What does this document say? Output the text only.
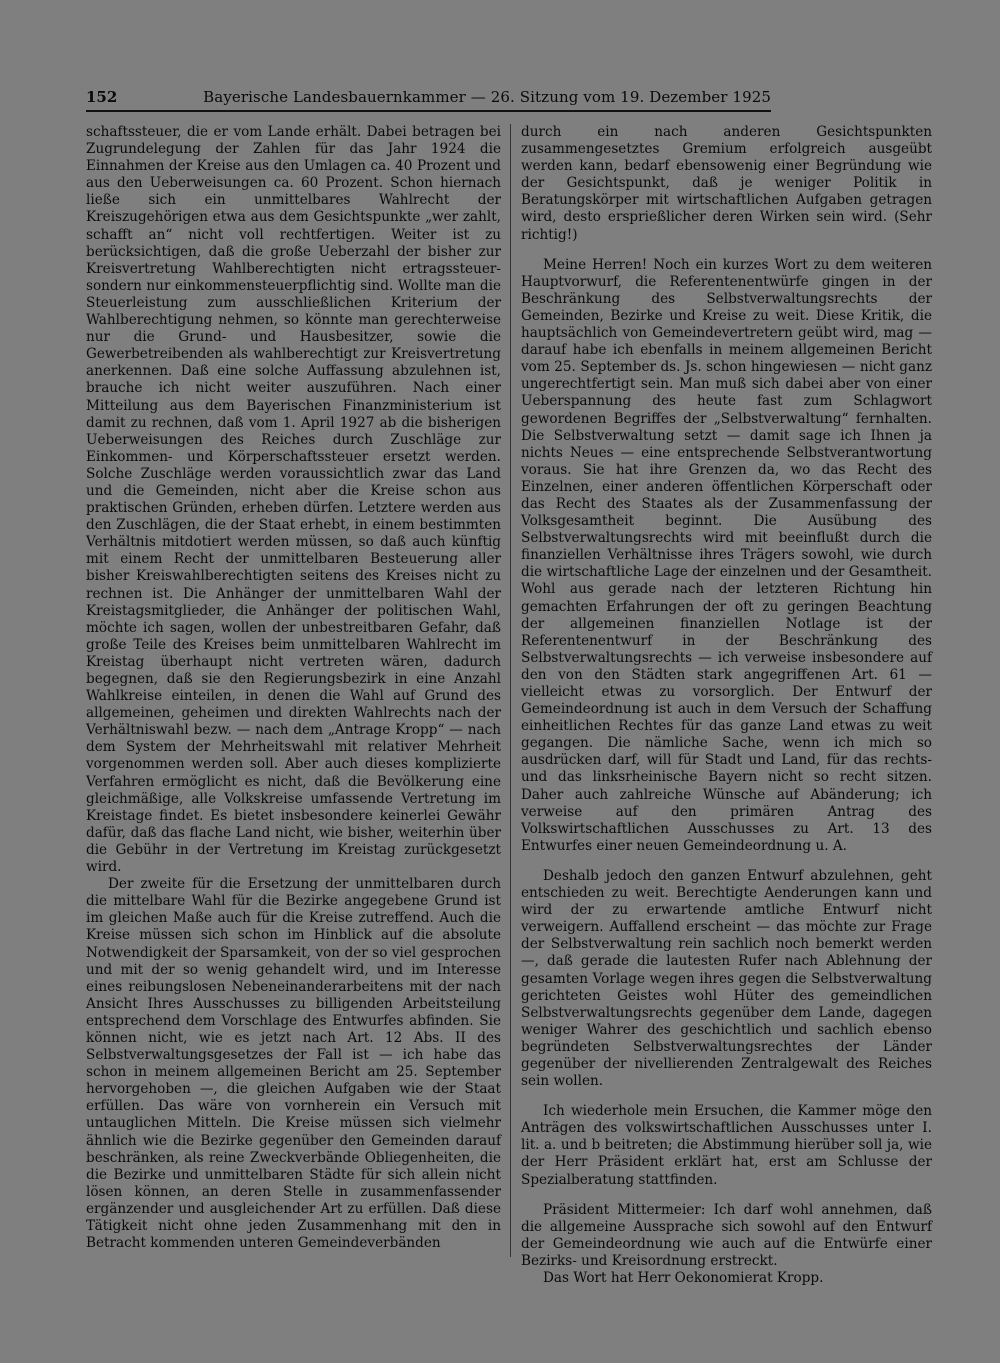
152	Bayerische Landesbauernkammer — 26. Sitzung vom 19. Dezember 1925

schaftssteuer, die er vom Lande erhält. Dabei betragen bei Zugrundelegung der Zahlen für das Jahr 1924 die Einnahmen der Kreise aus den Umlagen ca. 40 Prozent und aus den Ueberweisungen ca. 60 Prozent. Schon hiernach ließe sich ein unmittelbares Wahlrecht der Kreiszugehörigen etwa aus dem Gesichtspunkte „wer zahlt, schafft an“ nicht voll rechtfertigen. Weiter ist zu berücksichtigen, daß die große Ueberzahl der bisher zur Kreisvertretung Wahlberechtigten nicht ertragssteuer- sondern nur einkommensteuerpflichtig sind. Wollte man die Steuerleistung zum ausschließlichen Kriterium der Wahlberechtigung nehmen, so könnte man gerechterweise nur die Grund- und Hausbesitzer, sowie die Gewerbetreibenden als wahlberechtigt zur Kreisvertretung anerkennen. Daß eine solche Auffassung abzulehnen ist, brauche ich nicht weiter auszuführen. Nach einer Mitteilung aus dem Bayerischen Finanzministerium ist damit zu rechnen, daß vom 1. April 1927 ab die bisherigen Ueberweisungen des Reiches durch Zuschläge zur Einkommen- und Körperschaftssteuer ersetzt werden. Solche Zuschläge werden voraussichtlich zwar das Land und die Gemeinden, nicht aber die Kreise schon aus praktischen Gründen, erheben dürfen. Letztere werden aus den Zuschlägen, die der Staat erhebt, in einem bestimmten Verhältnis mitdotiert werden müssen, so daß auch künftig mit einem Recht der unmittelbaren Besteuerung aller bisher Kreiswahlberechtigten seitens des Kreises nicht zu rechnen ist. Die Anhänger der unmittelbaren Wahl der Kreistagsmitglieder, die Anhänger der politischen Wahl, möchte ich sagen, wollen der unbestreitbaren Gefahr, daß große Teile des Kreises beim unmittelbaren Wahlrecht im Kreistag überhaupt nicht vertreten wären, dadurch begegnen, daß sie den Regierungsbezirk in eine Anzahl Wahlkreise einteilen, in denen die Wahl auf Grund des allgemeinen, geheimen und direkten Wahlrechts nach der Verhältniswahl bezw. — nach dem „Antrage Kropp“ — nach dem System der Mehrheitswahl mit relativer Mehrheit vorgenommen werden soll. Aber auch dieses komplizierte Verfahren ermöglicht es nicht, daß die Bevölkerung eine gleichmäßige, alle Volkskreise umfassende Vertretung im Kreistage findet. Es bietet insbesondere keinerlei Gewähr dafür, daß das flache Land nicht, wie bisher, weiterhin über die Gebühr in der Vertretung im Kreistag zurückgesetzt wird.

Der zweite für die Ersetzung der unmittelbaren durch die mittelbare Wahl für die Bezirke angegebene Grund ist im gleichen Maße auch für die Kreise zutreffend. Auch die Kreise müssen sich schon im Hinblick auf die absolute Notwendigkeit der Sparsamkeit, von der so viel gesprochen und mit der so wenig gehandelt wird, und im Interesse eines reibungslosen Nebeneinanderarbeitens mit der nach Ansicht Ihres Ausschusses zu billigenden Arbeitsteilung entsprechend dem Vorschlage des Entwurfes abfinden. Sie können nicht, wie es jetzt nach Art. 12 Abs. II des Selbstverwaltungsgesetzes der Fall ist — ich habe das schon in meinem allgemeinen Bericht am 25. September hervorgehoben —, die gleichen Aufgaben wie der Staat erfüllen. Das wäre von vornherein ein Versuch mit untauglichen Mitteln. Die Kreise müssen sich vielmehr ähnlich wie die Bezirke gegenüber den Gemeinden darauf beschränken, als reine Zweckverbände Obliegenheiten, die die Bezirke und unmittelbaren Städte für sich allein nicht lösen können, an deren Stelle in zusammenfassender ergänzender und ausgleichender Art zu erfüllen. Daß diese Tätigkeit nicht ohne jeden Zusammenhang mit den in Betracht kommenden unteren Gemeindeverbänden

durch ein nach anderen Gesichtspunkten zusammengesetztes Gremium erfolgreich ausgeübt werden kann, bedarf ebensowenig einer Begründung wie der Gesichtspunkt, daß je weniger Politik in Beratungskörper mit wirtschaftlichen Aufgaben getragen wird, desto ersprießlicher deren Wirken sein wird. (Sehr richtig!)

Meine Herren! Noch ein kurzes Wort zu dem weiteren Hauptvorwurf, die Referentenentwürfe gingen in der Beschränkung des Selbstverwaltungsrechts der Gemeinden, Bezirke und Kreise zu weit. Diese Kritik, die hauptsächlich von Gemeindevertretern geübt wird, mag — darauf habe ich ebenfalls in meinem allgemeinen Bericht vom 25. September ds. Js. schon hingewiesen — nicht ganz ungerechtfertigt sein. Man muß sich dabei aber von einer Ueberspannung des heute fast zum Schlagwort gewordenen Begriffes der „Selbstverwaltung“ fernhalten. Die Selbstverwaltung setzt — damit sage ich Ihnen ja nichts Neues — eine entsprechende Selbstverantwortung voraus. Sie hat ihre Grenzen da, wo das Recht des Einzelnen, einer anderen öffentlichen Körperschaft oder das Recht des Staates als der Zusammenfassung der Volksgesamtheit beginnt. Die Ausübung des Selbstverwaltungsrechts wird mit beeinflußt durch die finanziellen Verhältnisse ihres Trägers sowohl, wie durch die wirtschaftliche Lage der einzelnen und der Gesamtheit. Wohl aus gerade nach der letzteren Richtung hin gemachten Erfahrungen der oft zu geringen Beachtung der allgemeinen finanziellen Notlage ist der Referentenentwurf in der Beschränkung des Selbstverwaltungsrechts — ich verweise insbesondere auf den von den Städten stark angegriffenen Art. 61 — vielleicht etwas zu vorsorglich. Der Entwurf der Gemeindeordnung ist auch in dem Versuch der Schaffung einheitlichen Rechtes für das ganze Land etwas zu weit gegangen. Die nämliche Sache, wenn ich mich so ausdrücken darf, will für Stadt und Land, für das rechts- und das linksrheinische Bayern nicht so recht sitzen. Daher auch zahlreiche Wünsche auf Abänderung; ich verweise auf den primären Antrag des Volkswirtschaftlichen Ausschusses zu Art. 13 des Entwurfes einer neuen Gemeindeordnung u. A.

Deshalb jedoch den ganzen Entwurf abzulehnen, geht entschieden zu weit. Berechtigte Aenderungen kann und wird der zu erwartende amtliche Entwurf nicht verweigern. Auffallend erscheint — das möchte zur Frage der Selbstverwaltung rein sachlich noch bemerkt werden —, daß gerade die lautesten Rufer nach Ablehnung der gesamten Vorlage wegen ihres gegen die Selbstverwaltung gerichteten Geistes wohl Hüter des gemeindlichen Selbstverwaltungsrechts gegenüber dem Lande, dagegen weniger Wahrer des geschichtlich und sachlich ebenso begründeten Selbstverwaltungsrechtes der Länder gegenüber der nivellierenden Zentralgewalt des Reiches sein wollen.

Ich wiederhole mein Ersuchen, die Kammer möge den Anträgen des volkswirtschaftlichen Ausschusses unter I. lit. a. und b beitreten; die Abstimmung hierüber soll ja, wie der Herr Präsident erklärt hat, erst am Schlusse der Spezialberatung stattfinden.

Präsident Mittermeier: Ich darf wohl annehmen, daß die allgemeine Aussprache sich sowohl auf den Entwurf der Gemeindeordnung wie auch auf die Entwürfe einer Bezirks- und Kreisordnung erstreckt.

Das Wort hat Herr Oekonomierat Kropp.
